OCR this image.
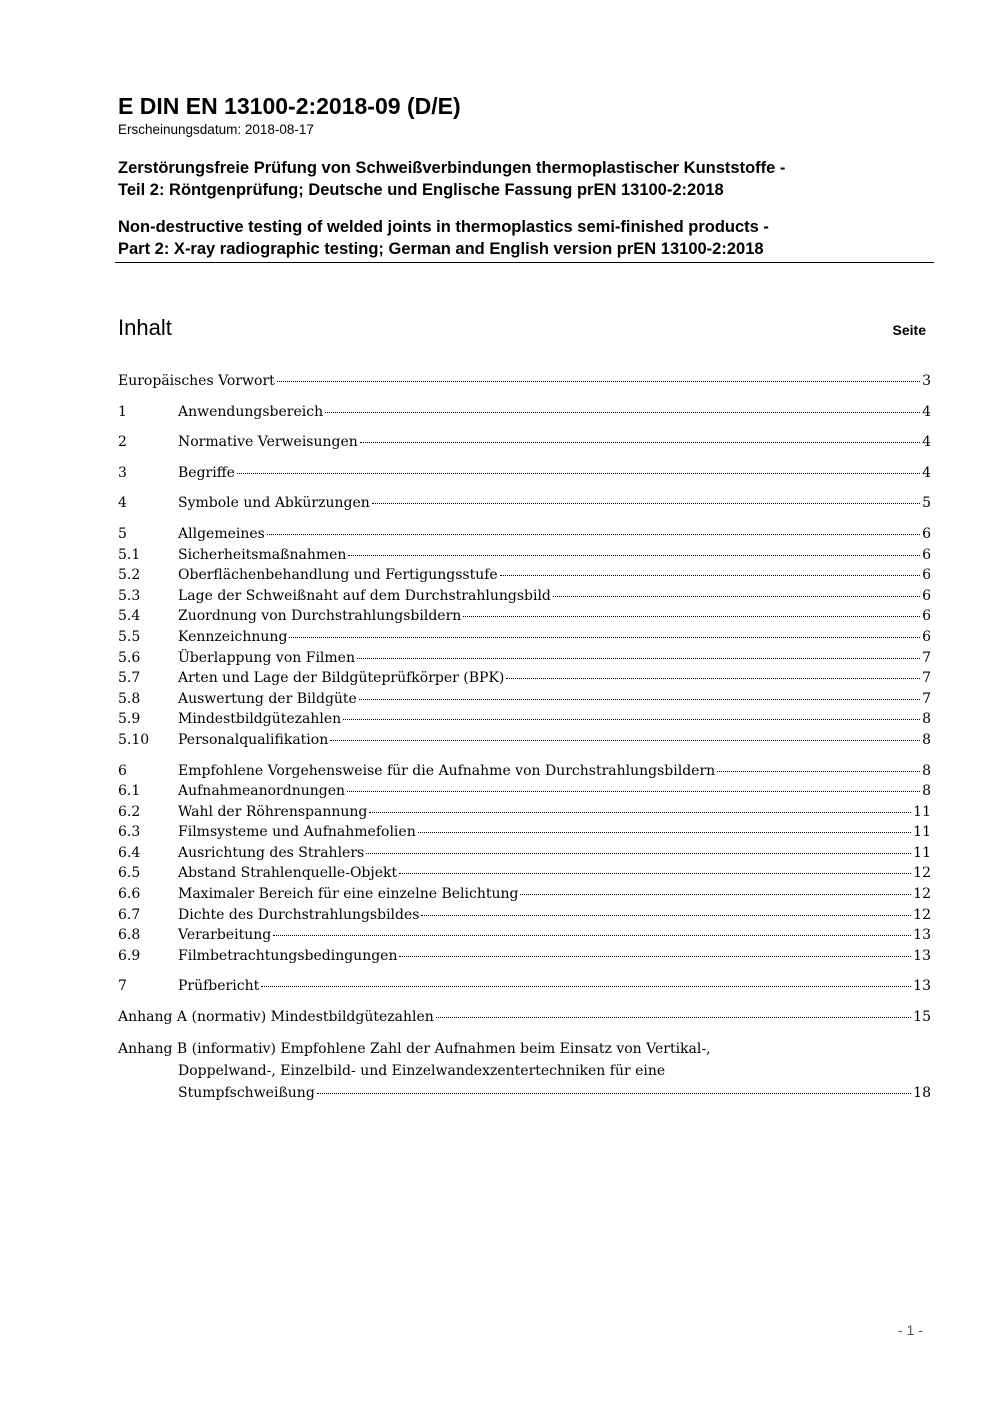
E DIN EN 13100-2:2018-09 (D/E)
Erscheinungsdatum: 2018-08-17
Zerstörungsfreie Prüfung von Schweißverbindungen thermoplastischer Kunststoffe -
Teil 2: Röntgenprüfung; Deutsche und Englische Fassung prEN 13100-2:2018
Non-destructive testing of welded joints in thermoplastics semi-finished products -
Part 2: X-ray radiographic testing; German and English version prEN 13100-2:2018
Inhalt	Seite
Europäisches Vorwort	3
1	Anwendungsbereich	4
2	Normative Verweisungen	4
3	Begriffe	4
4	Symbole und Abkürzungen	5
5	Allgemeines	6
5.1	Sicherheitsmaßnahmen	6
5.2	Oberflächenbehandlung und Fertigungsstufe	6
5.3	Lage der Schweißnaht auf dem Durchstrahlungsbild	6
5.4	Zuordnung von Durchstrahlungsbildern	6
5.5	Kennzeichnung	6
5.6	Überlappung von Filmen	7
5.7	Arten und Lage der Bildgüteprüfkörper (BPK)	7
5.8	Auswertung der Bildgüte	7
5.9	Mindestbildgütezahlen	8
5.10	Personalqualifikation	8
6	Empfohlene Vorgehensweise für die Aufnahme von Durchstrahlungsbildern	8
6.1	Aufnahmeanordnungen	8
6.2	Wahl der Röhrenspannung	11
6.3	Filmsysteme und Aufnahmefolien	11
6.4	Ausrichtung des Strahlers	11
6.5	Abstand Strahlenquelle-Objekt	12
6.6	Maximaler Bereich für eine einzelne Belichtung	12
6.7	Dichte des Durchstrahlungsbildes	12
6.8	Verarbeitung	13
6.9	Filmbetrachtungsbedingungen	13
7	Prüfbericht	13
Anhang A (normativ) Mindestbildgütezahlen	15
Anhang B (informativ) Empfohlene Zahl der Aufnahmen beim Einsatz von Vertikal-,
Doppelwand-, Einzelbild- und Einzelwandexzentertechniken für eine
Stumpfschweißung	18
- 1 -
